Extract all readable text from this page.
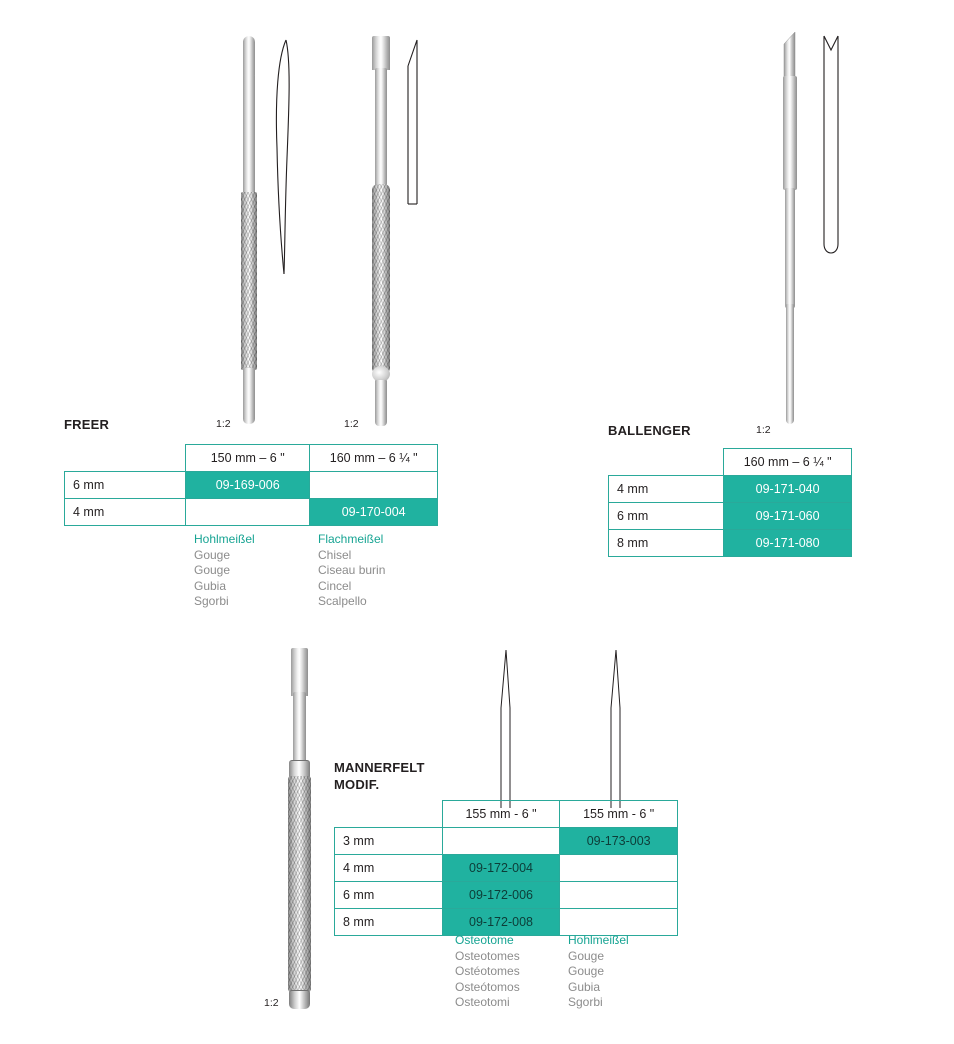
FREER	1:2	1:2
	150 mm – 6 "	160 mm – 6 ¼ "
6 mm	09-169-006	
4 mm		09-170-004
Hohlmeißel
Gouge
Gouge
Gubia
Sgorbi
Flachmeißel
Chisel
Ciseau burin
Cincel
Scalpello
BALLENGER	1:2
	160 mm – 6 ¼ "
4 mm	09-171-040
6 mm	09-171-060
8 mm	09-171-080
MANNERFELT
MODIF.
1:2
	155 mm - 6 "	155 mm - 6 "
3 mm		09-173-003
4 mm	09-172-004	
6 mm	09-172-006	
8 mm	09-172-008	
Osteotome
Osteotomes
Ostéotomes
Osteótomos
Osteotomi
Hohlmeißel
Gouge
Gouge
Gubia
Sgorbi
